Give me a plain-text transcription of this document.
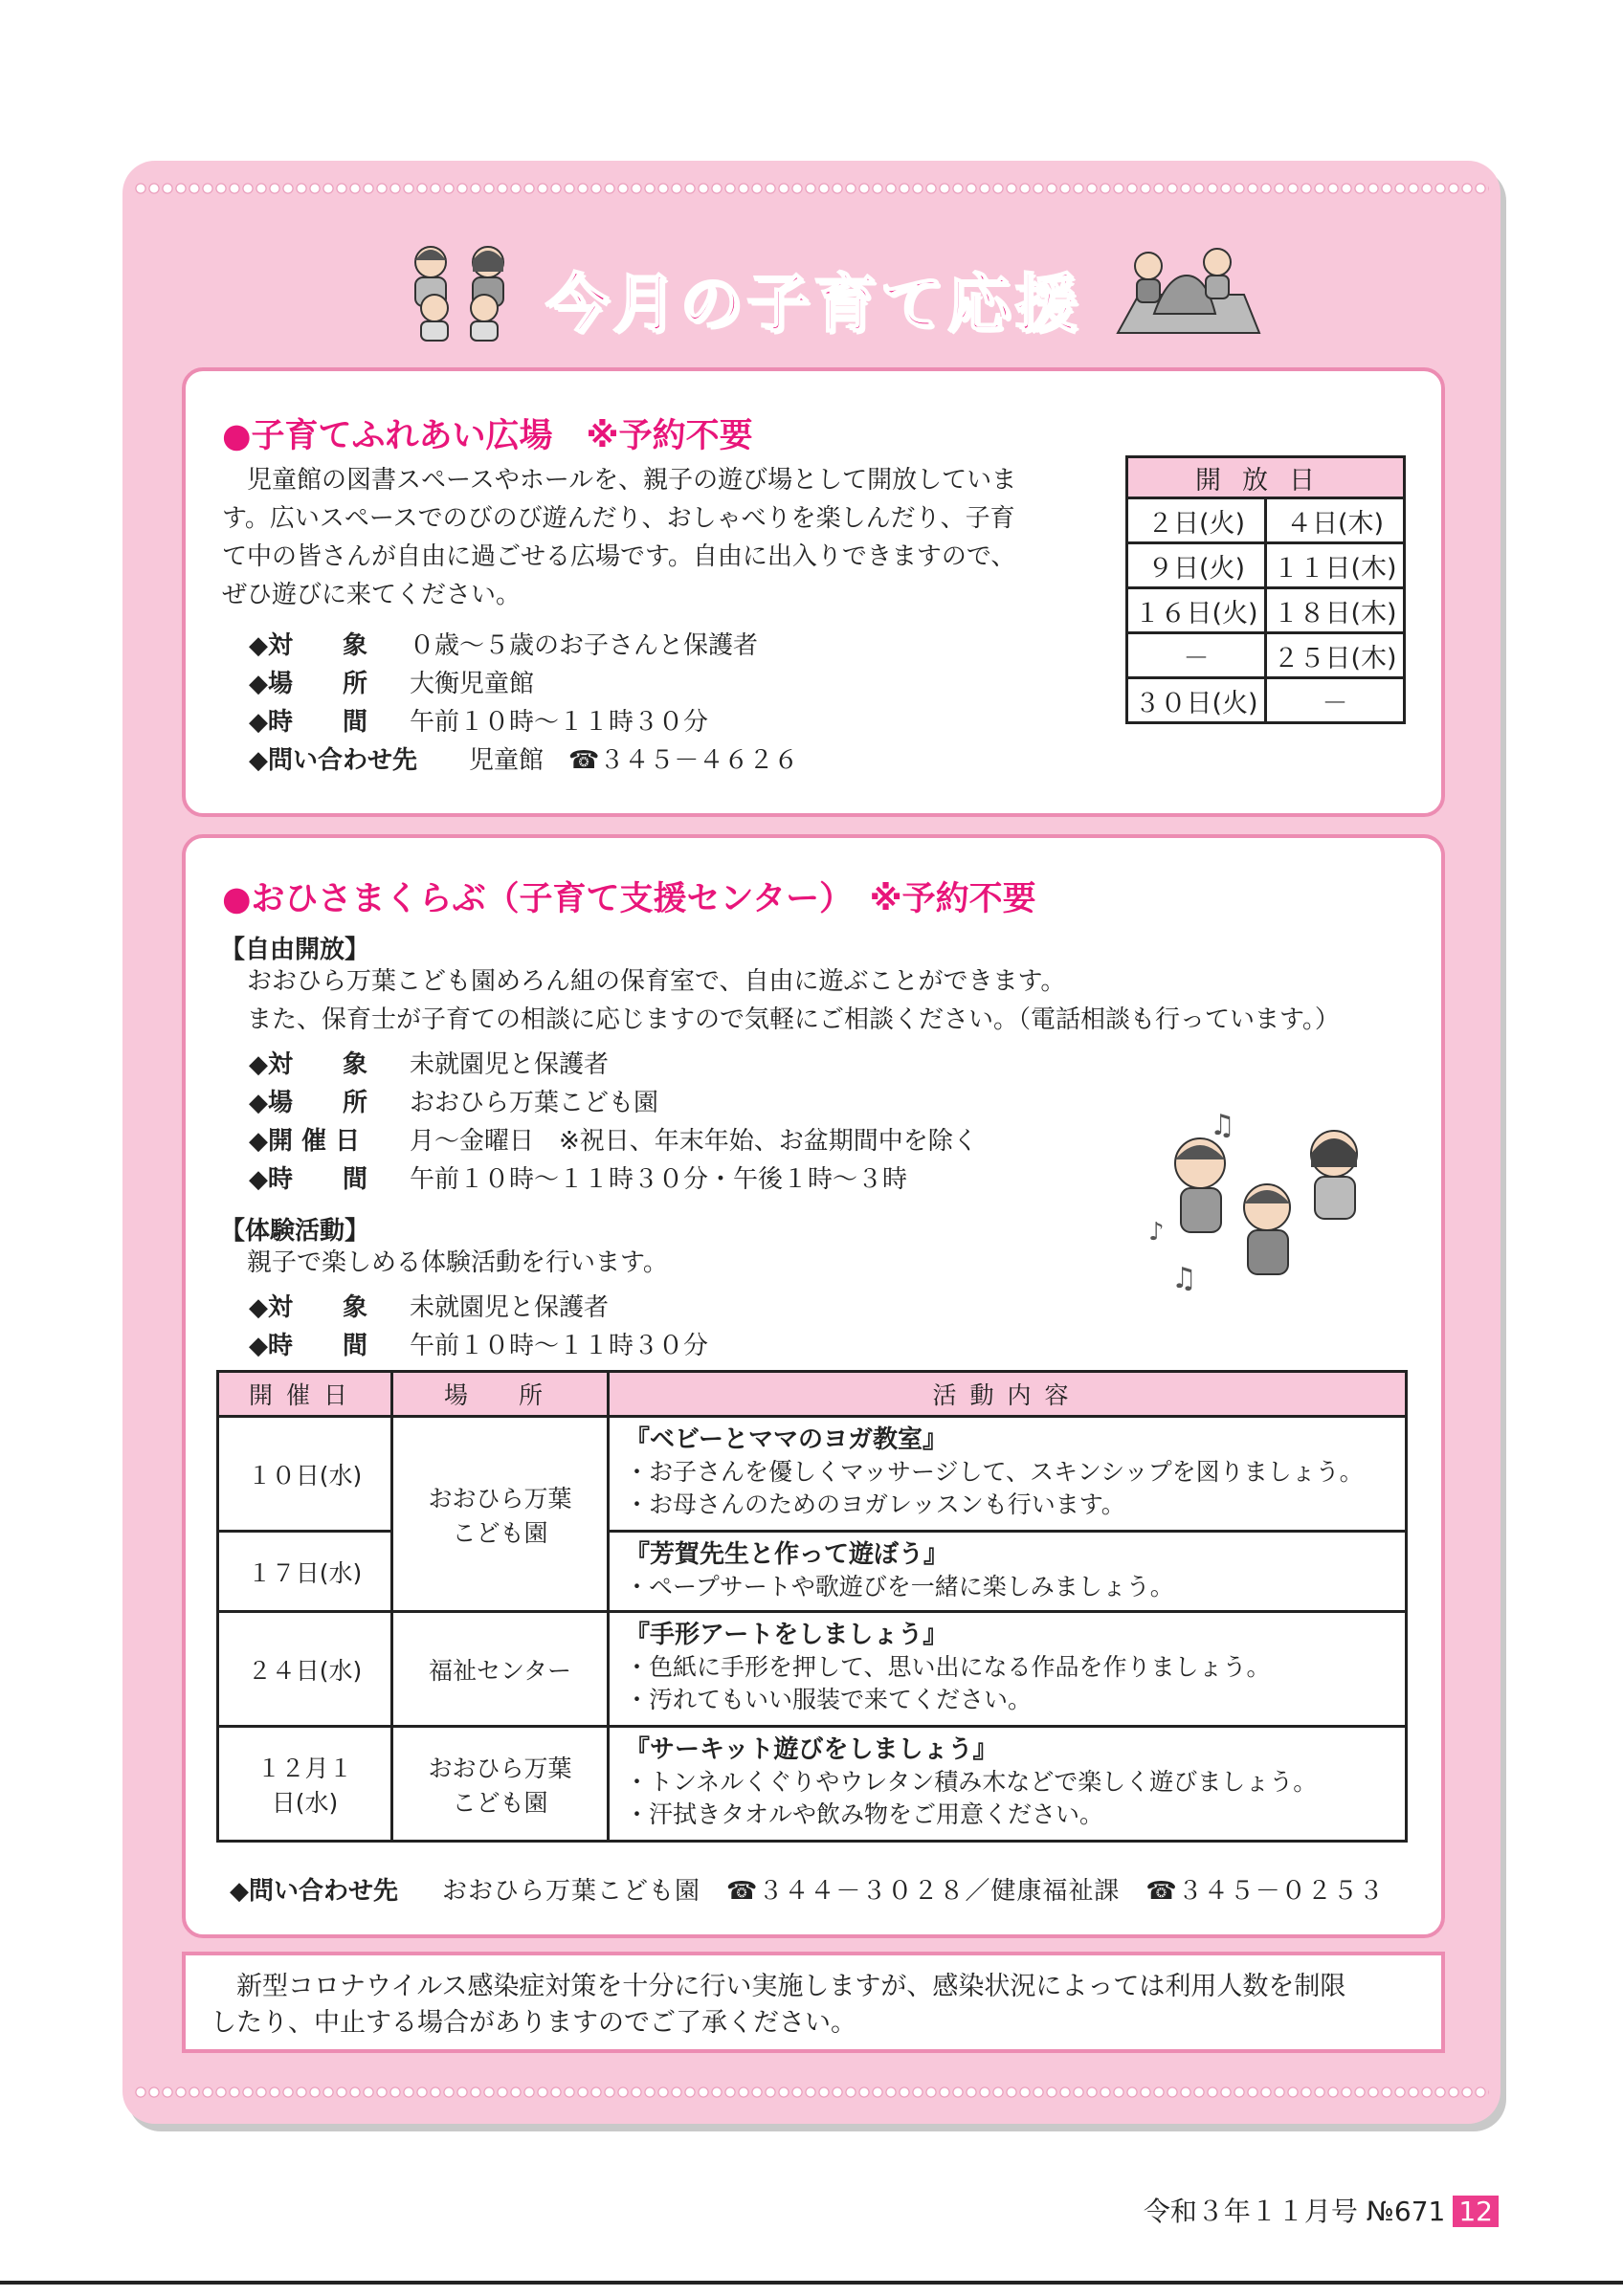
今月の子育て応援
●子育てふれあい広場　※予約不要
　児童館の図書スペースやホールを、親子の遊び場として開放していま
す。広いスペースでのびのび遊んだり、おしゃべりを楽しんだり、子育
て中の皆さんが自由に過ごせる広場です。自由に出入りできますので、
ぜひ遊びに来てください。
◆対　　象 ０歳～５歳のお子さんと保護者
◆場　　所 大衡児童館
◆時　　間 午前１０時～１１時３０分
◆問い合わせ先 児童館　☎３４５－４６２６
開放日	
２日(火)	４日(木)
９日(火)	１１日(木)
１６日(火)	１８日(木)
－	２５日(木)
３０日(火)	－
●おひさまくらぶ（子育て支援センター）　※予約不要
【自由開放】
おおひら万葉こども園めろん組の保育室で、自由に遊ぶことができます。
また、保育士が子育ての相談に応じますので気軽にご相談ください。（電話相談も行っています。）
◆対　　象 未就園児と保護者
◆場　　所 おおひら万葉こども園
◆開 催 日 月～金曜日　※祝日、年末年始、お盆期間中を除く
◆時　　間 午前１０時～１１時３０分・午後１時～３時
【体験活動】
親子で楽しめる体験活動を行います。
◆対　　象 未就園児と保護者
◆時　　間 午前１０時～１１時３０分
♫
♪
♫
◆問い合わせ先 おおひら万葉こども園　☎３４４－３０２８／健康福祉課　☎３４５－０２５３
開催日	場　所	活動内容
１０日(水)	おおひら万葉こども園	『ベビーとママのヨガ教室』
・お子さんを優しくマッサージして、スキンシップを図りましょう。
・お母さんのためのヨガレッスンも行います。

１７日(水)		『芳賀先生と作って遊ぼう』
・ペープサートや歌遊びを一緒に楽しみましょう。

２４日(水)	福祉センター	『手形アートをしましょう』
・色紙に手形を押して、思い出になる作品を作りましょう。
・汚れてもいい服装で来てください。

１２月１日(水)	おおひら万葉こども園	『サーキット遊びをしましょう』
・トンネルくぐりやウレタン積み木などで楽しく遊びましょう。
・汗拭きタオルや飲み物をご用意ください。
　新型コロナウイルス感染症対策を十分に行い実施しますが、感染状況によっては利用人数を制限
したり、中止する場合がありますのでご了承ください。
令和３年１１月号 №671 12
